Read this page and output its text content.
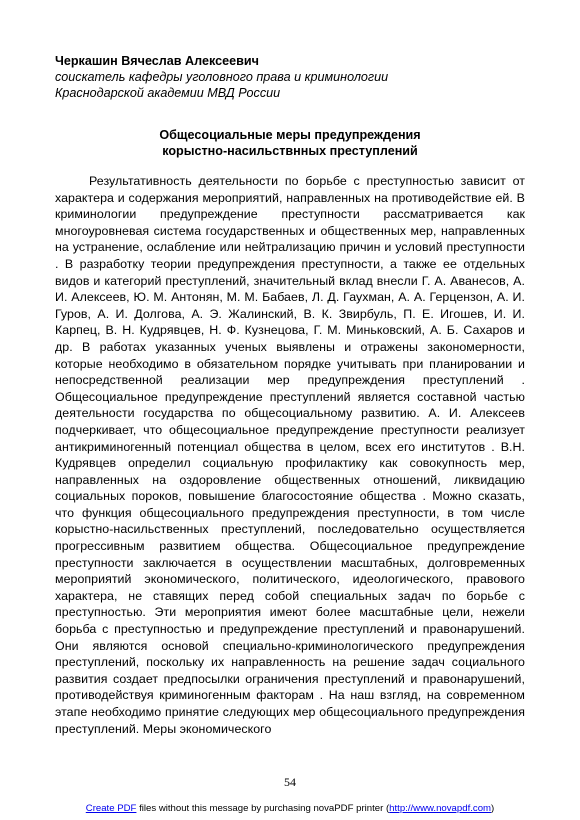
Черкашин Вячеслав Алексеевич
соискатель кафедры уголовного права и криминологии
Краснодарской академии МВД России
Общесоциальные меры предупреждения
корыстно-насильствнных преступлений
Результативность деятельности по борьбе с преступностью зависит от характера и содержания мероприятий, направленных на противодействие ей. В криминологии предупреждение преступности рассматривается как многоуровневая система государственных и общественных мер, направленных на устранение, ослабление или нейтрализацию причин и условий преступности . В разработку теории предупреждения преступности, а также ее отдельных видов и категорий преступлений, значительный вклад внесли Г. А. Аванесов, А. И. Алексеев, Ю. М. Антонян, М. М. Бабаев, Л. Д. Гаухман, А. А. Герцензон, А. И. Гуров, А. И. Долгова, А. Э. Жалинский, В. К. Звирбуль, П. Е. Игошев, И. И. Карпец, В. Н. Кудрявцев, Н. Ф. Кузнецова, Г. М. Миньковский, А. Б. Сахаров и др. В работах указанных ученых выявлены и отражены закономерности, которые необходимо в обязательном порядке учитывать при планировании и непосредственной реализации мер предупреждения преступлений . Общесоциальное предупреждение преступлений является составной частью деятельности государства по общесоциальному развитию. А. И. Алексеев подчеркивает, что общесоциальное предупреждение преступности реализует антикриминогенный потенциал общества в целом, всех его институтов . В.Н. Кудрявцев определил социальную профилактику как совокупность мер, направленных на оздоровление общественных отношений, ликвидацию социальных пороков, повышение благосостояние общества . Можно сказать, что функция общесоциального предупреждения преступности, в том числе корыстно-насильственных преступлений, последовательно осуществляется прогрессивным развитием общества. Общесоциальное предупреждение преступности заключается в осуществлении масштабных, долговременных мероприятий экономического, политического, идеологического, правового характера, не ставящих перед собой специальных задач по борьбе с преступностью. Эти мероприятия имеют более масштабные цели, нежели борьба с преступностью и предупреждение преступлений и правонарушений. Они являются основой специально-криминологического предупреждения преступлений, поскольку их направленность на решение задач социального развития создает предпосылки ограничения преступлений и правонарушений, противодействуя криминогенным факторам . На наш взгляд, на современном этапе необходимо принятие следующих мер общесоциального предупреждения преступлений. Меры экономического
54
Create PDF files without this message by purchasing novaPDF printer (http://www.novapdf.com)
